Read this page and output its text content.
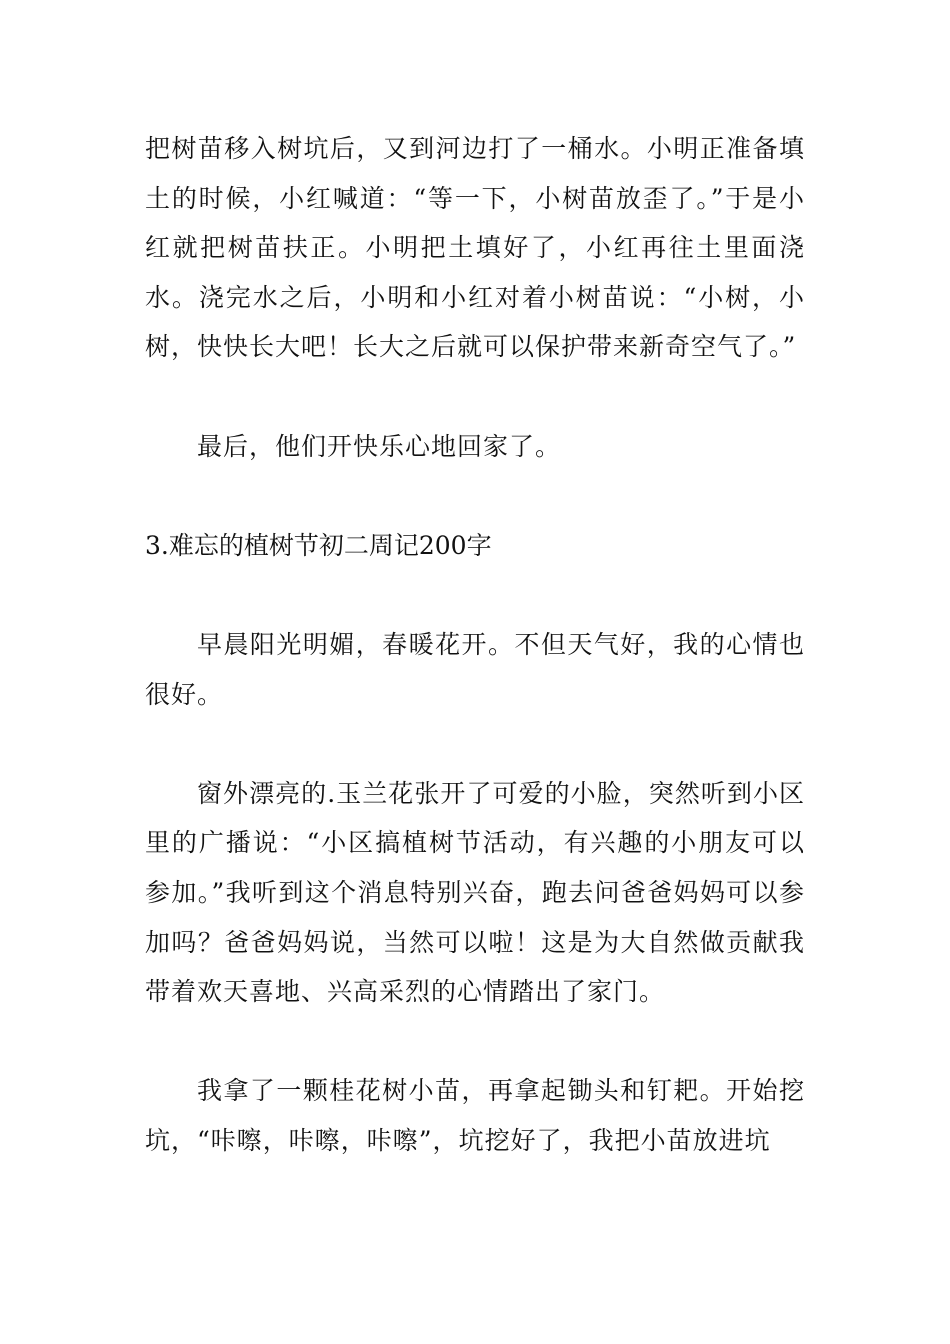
把树苗移入树坑后，又到河边打了一桶水。小明正准备填土的时候，小红喊道：“等一下，小树苗放歪了。”于是小红就把树苗扶正。小明把土填好了，小红再往土里面浇水。浇完水之后，小明和小红对着小树苗说：“小树，小树，快快长大吧！长大之后就可以保护带来新奇空气了。”

最后，他们开快乐心地回家了。

3.难忘的植树节初二周记200字

早晨阳光明媚，春暖花开。不但天气好，我的心情也很好。

窗外漂亮的.玉兰花张开了可爱的小脸，突然听到小区里的广播说：“小区搞植树节活动，有兴趣的小朋友可以参加。”我听到这个消息特别兴奋，跑去问爸爸妈妈可以参加吗？爸爸妈妈说，当然可以啦！这是为大自然做贡献我带着欢天喜地、兴高采烈的心情踏出了家门。

我拿了一颗桂花树小苗，再拿起锄头和钉耙。开始挖坑，“咔嚓，咔嚓，咔嚓”，坑挖好了，我把小苗放进坑
